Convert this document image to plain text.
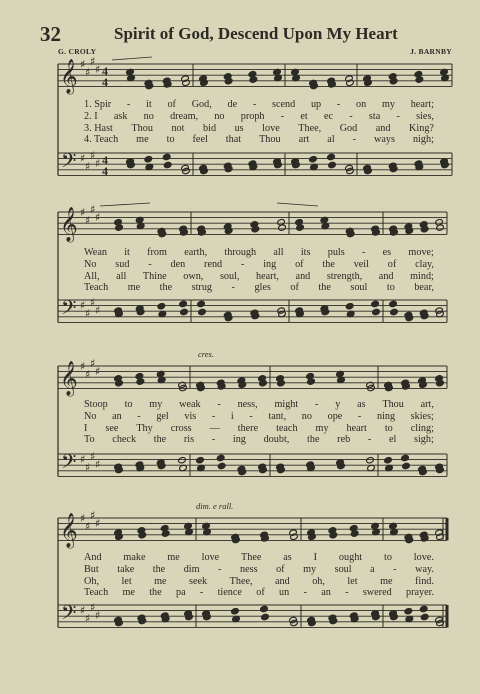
32	Spirit of God, Descend Upon My Heart
G. CROLY	J. BARNBY
𝄞
𝄢
♯
♯
♯
♯
♯
♯
♯
♯
4
4
4
4
𝄞
𝄢
♯
♯
♯
♯
♯
♯
♯
♯
𝄞
𝄢
♯
♯
♯
♯
♯
♯
♯
♯
𝄞
𝄢
♯
♯
♯
♯
♯
♯
♯
♯
cres.
dim. e rall.
1. Spir - it of God, de - scend up - on my heart;
2. I ask no dream, no proph - et ec - sta - sies,
3. Hast Thou not bid us love Thee, God and King?
4. Teach me to feel that Thou art al - ways nigh;
Wean it from earth, through all its puls - es move;
No sud - den rend - ing of the veil of clay,
All, all Thine own, soul, heart, and strength, and mind;
Teach me the strug - gles of the soul to bear,
Stoop to my weak - ness, might - y as Thou art,
No an - gel vis - i - tant, no ope - ning skies;
I see Thy cross — there teach my heart to cling;
To check the ris - ing doubt, the reb - el sigh;
And make me love Thee as I ought to love.
But take the dim - ness of my soul a - way.
Oh, let me seek Thee, and oh, let me find.
Teach me the pa - tience of un - an - swered prayer.
